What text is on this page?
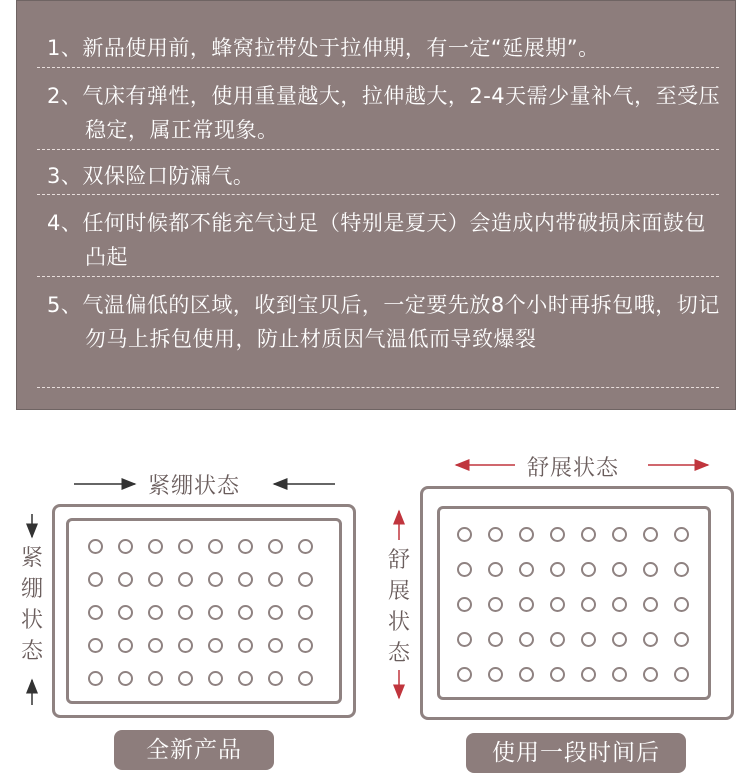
1、新品使用前，蜂窝拉带处于拉伸期，有一定“延展期”。
2、气床有弹性，使用重量越大，拉伸越大，2-4天需少量补气，至受压稳定，属正常现象。
3、双保险口防漏气。
4、任何时候都不能充气过足（特别是夏天）会造成内带破损床面鼓包凸起
5、气温偏低的区域，收到宝贝后，一定要先放8个小时再拆包哦，切记勿马上拆包使用，防止材质因气温低而导致爆裂
紧绷状态
紧绷状态
全新产品
舒展状态
舒展状态
使用一段时间后
